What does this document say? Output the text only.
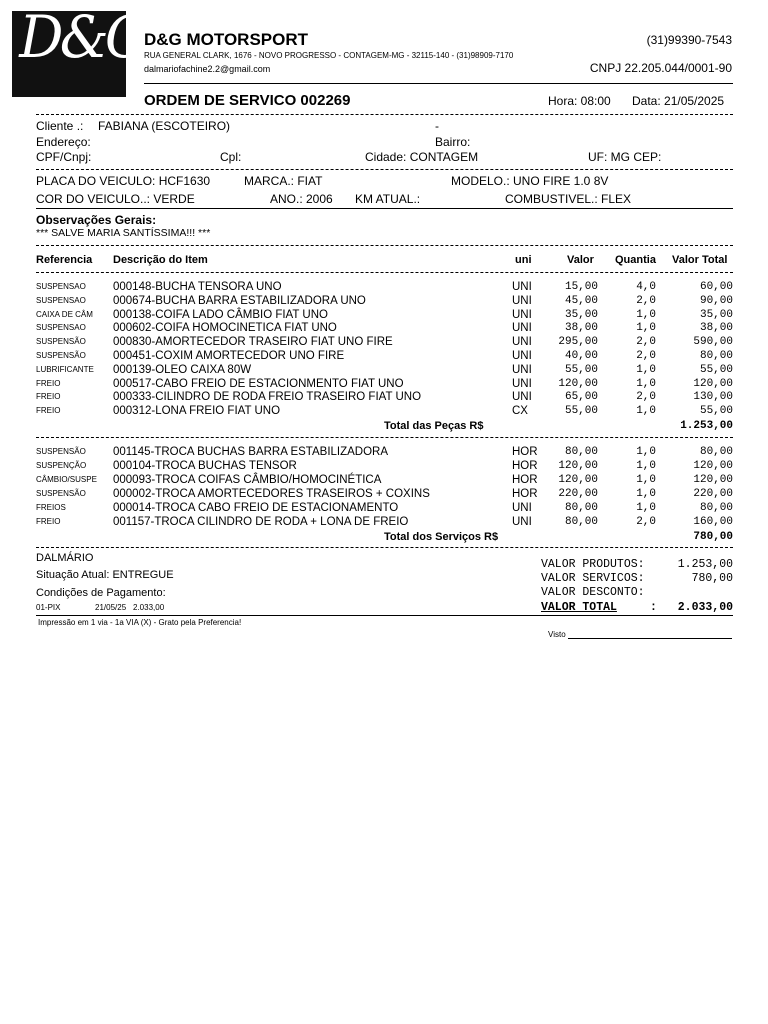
D&G
D&G MOTORSPORT
RUA GENERAL CLARK, 1676 - NOVO PROGRESSO - CONTAGEM-MG - 32115-140 - (31)98909-7170
dalmariofachine2.2@gmail.com
(31)99390-7543
CNPJ 22.205.044/0001-90
ORDEM DE SERVICO 002269	Hora: 08:00 Data: 21/05/2025
Cliente .: FABIANA (ESCOTEIRO)	-
Endereço:	Bairro:
CPF/Cnpj:	Cpl:	Cidade: CONTAGEM	UF: MG CEP:
PLACA DO VEICULO: HCF1630	MARCA.: FIAT	MODELO.: UNO FIRE 1.0 8V
COR DO VEICULO..: VERDE	ANO.: 2006 KM ATUAL.:	COMBUSTIVEL.: FLEX
Observações Gerais:
*** SALVE MARIA SANTÍSSIMA!!! ***
Referencia Descrição do Item	uni	Valor Quantia Valor Total
SUSPENSAO 000148-BUCHA TENSORA UNO	UNI	15,00	4,0	60,00
SUSPENSAO 000674-BUCHA BARRA ESTABILIZADORA UNO	UNI	45,00	2,0	90,00
CAIXA DE CÂM 000138-COIFA LADO CÂMBIO FIAT UNO	UNI	35,00	1,0	35,00
SUSPENSAO 000602-COIFA HOMOCINETICA FIAT UNO	UNI	38,00	1,0	38,00
SUSPENSÃO 000830-AMORTECEDOR TRASEIRO FIAT UNO FIRE	UNI 295,00	2,0	590,00
SUSPENSÃO 000451-COXIM AMORTECEDOR UNO FIRE	UNI	40,00	2,0	80,00
LUBRIFICANTE 000139-OLEO CAIXA 80W	UNI	55,00	1,0	55,00
FREIO	000517-CABO FREIO DE ESTACIONMENTO FIAT UNO	UNI 120,00	1,0	120,00
FREIO	000333-CILINDRO DE RODA FREIO TRASEIRO FIAT UNO	UNI	65,00	2,0	130,00
FREIO	000312-LONA FREIO FIAT UNO	CX	55,00	1,0	55,00
Total das Peças R$	1.253,00
SUSPENSÃO 001145-TROCA BUCHAS BARRA ESTABILIZADORA	HOR 80,00	1,0	80,00
SUSPENÇÃO 000104-TROCA BUCHAS TENSOR	HOR 120,00	1,0	120,00
CÂMBIO/SUSPE 000093-TROCA COIFAS CÂMBIO/HOMOCINÉTICA	HOR 120,00	1,0	120,00
SUSPENSÃO 000002-TROCA AMORTECEDORES TRASEIROS + COXINS	HOR 220,00	1,0	220,00
FREIOS	000014-TROCA CABO FREIO DE ESTACIONAMENTO	UNI	80,00	1,0	80,00
FREIO	001157-TROCA CILINDRO DE RODA + LONA DE FREIO	UNI	80,00	2,0	160,00
Total dos Serviços R$	780,00
DALMÁRIO
Situação Atual: ENTREGUE
Condições de Pagamento:
01-PIX	21/05/25 2.033,00
VALOR PRODUTOS:	1.253,00
VALOR SERVICOS:	780,00
VALOR DESCONTO:
VALOR TOTAL	: 2.033,00
Impressão em 1 via - 1a VIA (X) - Grato pela Preferencia!
Visto
